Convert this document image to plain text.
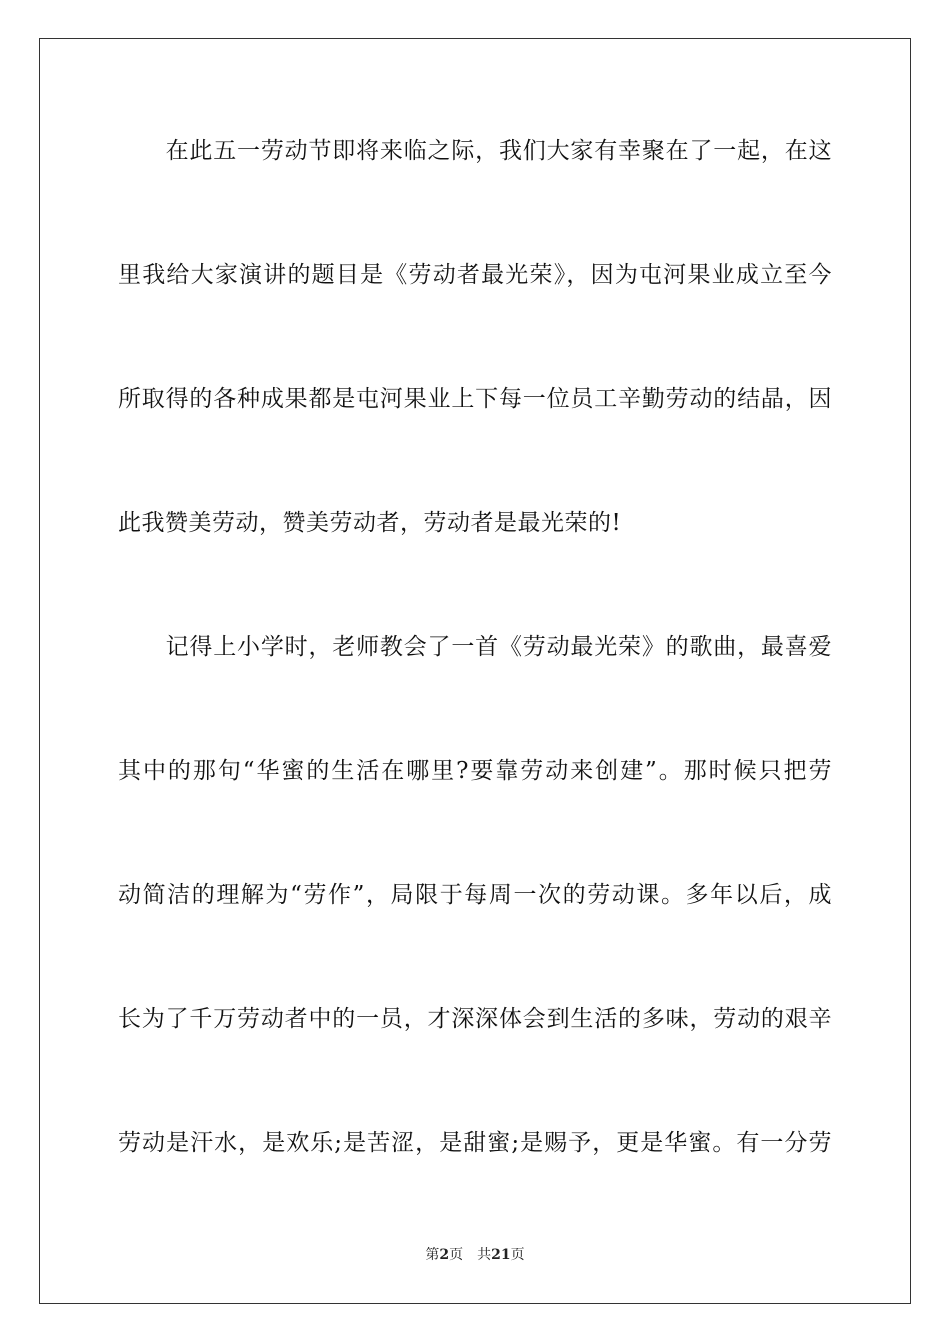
　　在此五一劳动节即将来临之际，我们大家有幸聚在了一起，在这
里我给大家演讲的题目是《劳动者最光荣》，因为屯河果业成立至今
所取得的各种成果都是屯河果业上下每一位员工辛勤劳动的结晶，因
此我赞美劳动，赞美劳动者，劳动者是最光荣的!
　　记得上小学时，老师教会了一首《劳动最光荣》的歌曲，最喜爱
其中的那句“华蜜的生活在哪里?要靠劳动来创建”。那时候只把劳
动简洁的理解为“劳作”，局限于每周一次的劳动课。多年以后，成
长为了千万劳动者中的一员，才深深体会到生活的多味，劳动的艰辛
劳动是汗水，是欢乐;是苦涩，是甜蜜;是赐予，更是华蜜。有一分劳
第2页 共21页
